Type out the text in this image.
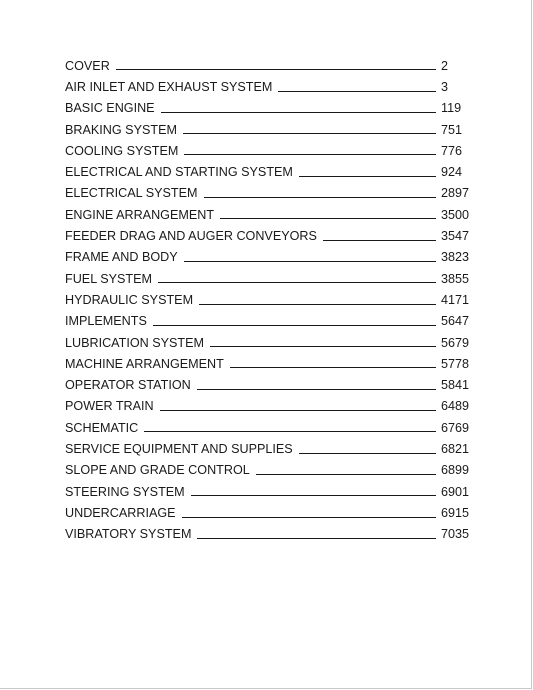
COVER	2
AIR INLET AND EXHAUST SYSTEM	3
BASIC ENGINE	119
BRAKING SYSTEM	751
COOLING SYSTEM	776
ELECTRICAL AND STARTING SYSTEM	924
ELECTRICAL SYSTEM	2897
ENGINE ARRANGEMENT	3500
FEEDER DRAG AND AUGER CONVEYORS	3547
FRAME AND BODY	3823
FUEL SYSTEM	3855
HYDRAULIC SYSTEM	4171
IMPLEMENTS	5647
LUBRICATION SYSTEM	5679
MACHINE ARRANGEMENT	5778
OPERATOR STATION	5841
POWER TRAIN	6489
SCHEMATIC	6769
SERVICE EQUIPMENT AND SUPPLIES	6821
SLOPE AND GRADE CONTROL	6899
STEERING SYSTEM	6901
UNDERCARRIAGE	6915
VIBRATORY SYSTEM	7035
